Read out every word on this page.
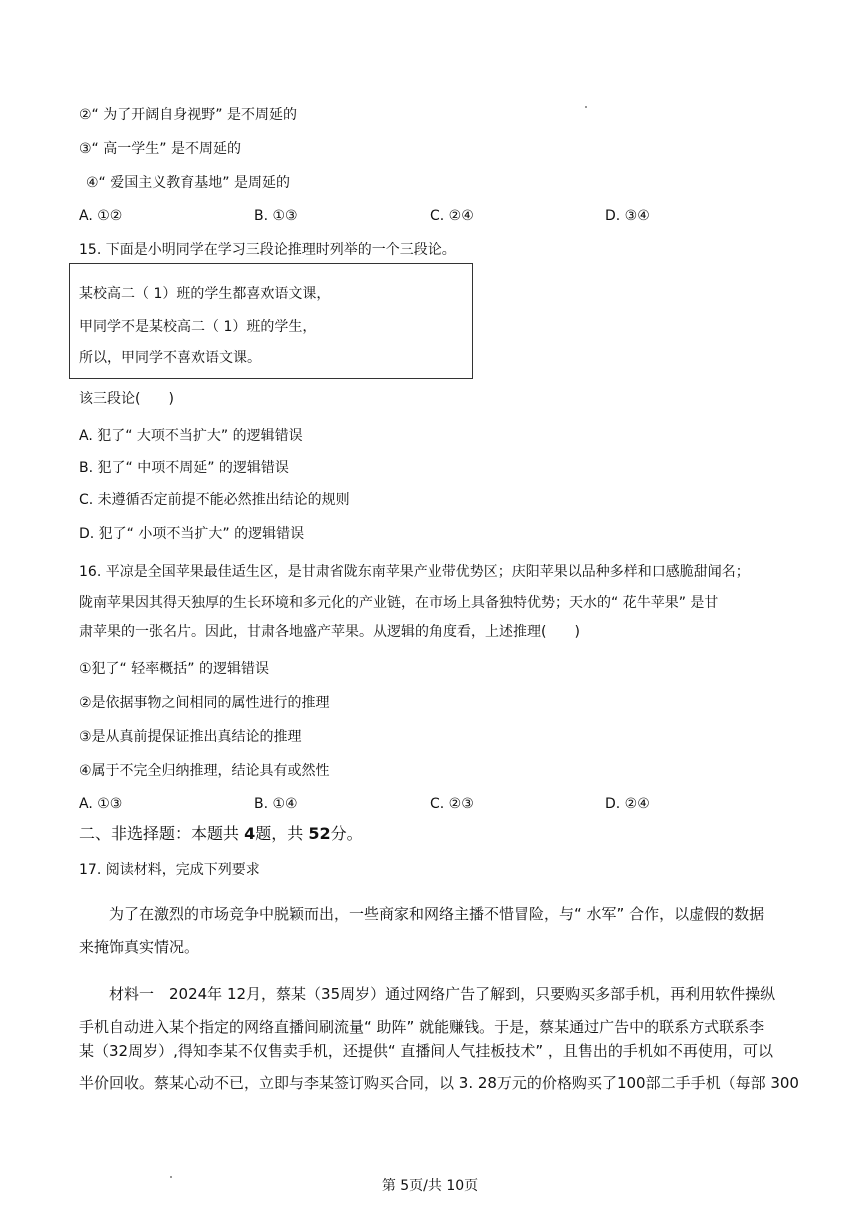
②“ 为了开阔自身视野” 是不周延的
③“ 高一学生” 是不周延的
④“ 爱国主义教育基地” 是周延的
A. ①②	B. ①③	C. ②④	D. ③④
15. 下面是小明同学在学习三段论推理时列举的一个三段论。
某校高二（ 1）班的学生都喜欢语文课，
甲同学不是某校高二（ 1）班的学生，
所以，甲同学不喜欢语文课。
该三段论(　　)
A. 犯了“ 大项不当扩大” 的逻辑错误
B. 犯了“ 中项不周延” 的逻辑错误
C. 未遵循否定前提不能必然推出结论的规则
D. 犯了“ 小项不当扩大” 的逻辑错误
16. 平凉是全国苹果最佳适生区，是甘肃省陇东南苹果产业带优势区；庆阳苹果以品种多样和口感脆甜闻名；
陇南苹果因其得天独厚的生长环境和多元化的产业链，在市场上具备独特优势；天水的“ 花牛苹果” 是甘
肃苹果的一张名片。因此，甘肃各地盛产苹果。从逻辑的角度看，上述推理(　　)
①犯了“ 轻率概括” 的逻辑错误
②是依据事物之间相同的属性进行的推理
③是从真前提保证推出真结论的推理
④属于不完全归纳推理，结论具有或然性
A. ①③	B. ①④	C. ②③	D. ②④
二、非选择题：本题共 4题，共 52分。
17. 阅读材料，完成下列要求
为了在激烈的市场竞争中脱颖而出，一些商家和网络主播不惜冒险，与“ 水军” 合作，以虚假的数据
来掩饰真实情况。
材料一　2024年 12月，蔡某（35周岁）通过网络广告了解到，只要购买多部手机，再利用软件操纵
手机自动进入某个指定的网络直播间刷流量“ 助阵” 就能赚钱。于是，蔡某通过广告中的联系方式联系李
某（32周岁）,得知李某不仅售卖手机，还提供“ 直播间人气挂板技术” ，且售出的手机如不再使用，可以
半价回收。蔡某心动不已，立即与李某签订购买合同，以 3. 28万元的价格购买了100部二手手机（每部 300
第 5页/共 10页
